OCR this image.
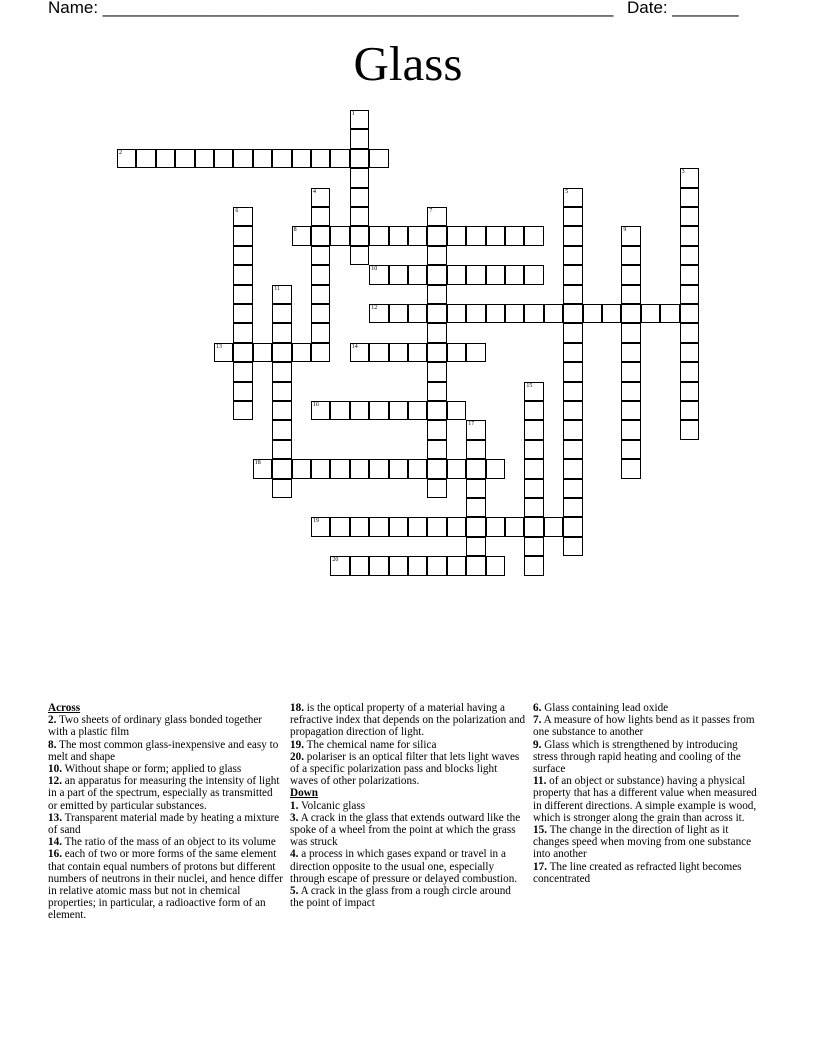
Name: ______________________________________________________ Date: _______
Glass
1
2
3
4	5
6	7
8	9
10
11
12
13	14
15
16
17
18
19
20

Across

2. Two sheets of ordinary glass bonded together with a plastic film

8. The most common glass-inexpensive and easy to melt and shape

10. Without shape or form; applied to glass

12. an apparatus for measuring the intensity of light in a part of the spectrum, especially as transmitted or emitted by particular substances.

13. Transparent material made by heating a mixture of sand

14. The ratio of the mass of an object to its volume

16. each of two or more forms of the same element that contain equal numbers of protons but different numbers of neutrons in their nuclei, and hence differ in relative atomic mass but not in chemical properties; in particular, a radioactive form of an element.

18. is the optical property of a material having a refractive index that depends on the polarization and propagation direction of light.

19. The chemical name for silica

20. polariser is an optical filter that lets light waves of a specific polarization pass and blocks light waves of other polarizations.

Down

1. Volcanic glass

3. A crack in the glass that extends outward like the spoke of a wheel from the point at which the grass was struck

4. a process in which gases expand or travel in a direction opposite to the usual one, especially through escape of pressure or delayed combustion.

5. A crack in the glass from a rough circle around the point of impact

6. Glass containing lead oxide

7. A measure of how lights bend as it passes from one substance to another

9. Glass which is strengthened by introducing stress through rapid heating and cooling of the surface

11. of an object or substance) having a physical property that has a different value when measured in different directions. A simple example is wood, which is stronger along the grain than across it.

15. The change in the direction of light as it changes speed when moving from one substance into another

17. The line created as refracted light becomes concentrated
